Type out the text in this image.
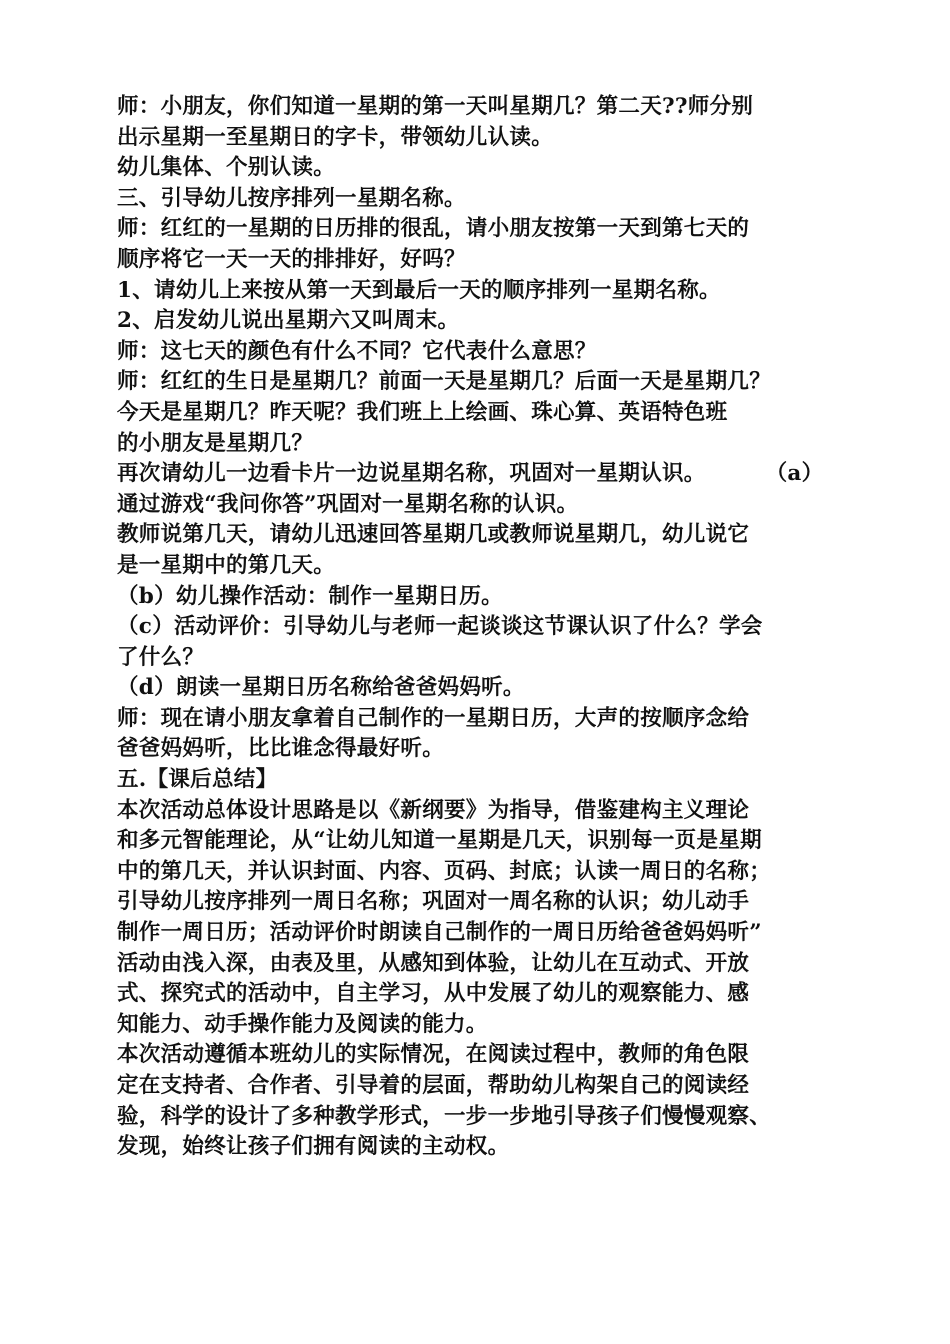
师：小朋友，你们知道一星期的第一天叫星期几？第二天??师分别
出示星期一至星期日的字卡，带领幼儿认读。
幼儿集体、个别认读。
三、引导幼儿按序排列一星期名称。
师：红红的一星期的日历排的很乱，请小朋友按第一天到第七天的
顺序将它一天一天的排排好，好吗？
1、请幼儿上来按从第一天到最后一天的顺序排列一星期名称。
2、启发幼儿说出星期六又叫周末。
师：这七天的颜色有什么不同？它代表什么意思？
师：红红的生日是星期几？前面一天是星期几？后面一天是星期几？
今天是星期几？昨天呢？我们班上上绘画、珠心算、英语特色班
的小朋友是星期几？
再次请幼儿一边看卡片一边说星期名称，巩固对一星期认识。	（a）
通过游戏“我问你答”巩固对一星期名称的认识。
教师说第几天，请幼儿迅速回答星期几或教师说星期几，幼儿说它
是一星期中的第几天。
（b）幼儿操作活动：制作一星期日历。
（c）活动评价：引导幼儿与老师一起谈谈这节课认识了什么？学会
了什么？
（d）朗读一星期日历名称给爸爸妈妈听。
师：现在请小朋友拿着自己制作的一星期日历，大声的按顺序念给
爸爸妈妈听，比比谁念得最好听。
五.【课后总结】
本次活动总体设计思路是以《新纲要》为指导，借鉴建构主义理论
和多元智能理论，从“让幼儿知道一星期是几天，识别每一页是星期
中的第几天，并认识封面、内容、页码、封底；认读一周日的名称；
引导幼儿按序排列一周日名称；巩固对一周名称的认识；幼儿动手
制作一周日历；活动评价时朗读自己制作的一周日历给爸爸妈妈听”
活动由浅入深，由表及里，从感知到体验，让幼儿在互动式、开放
式、探究式的活动中，自主学习，从中发展了幼儿的观察能力、感
知能力、动手操作能力及阅读的能力。
本次活动遵循本班幼儿的实际情况，在阅读过程中，教师的角色限
定在支持者、合作者、引导着的层面，帮助幼儿构架自己的阅读经
验，科学的设计了多种教学形式，一步一步地引导孩子们慢慢观察、
发现，始终让孩子们拥有阅读的主动权。
